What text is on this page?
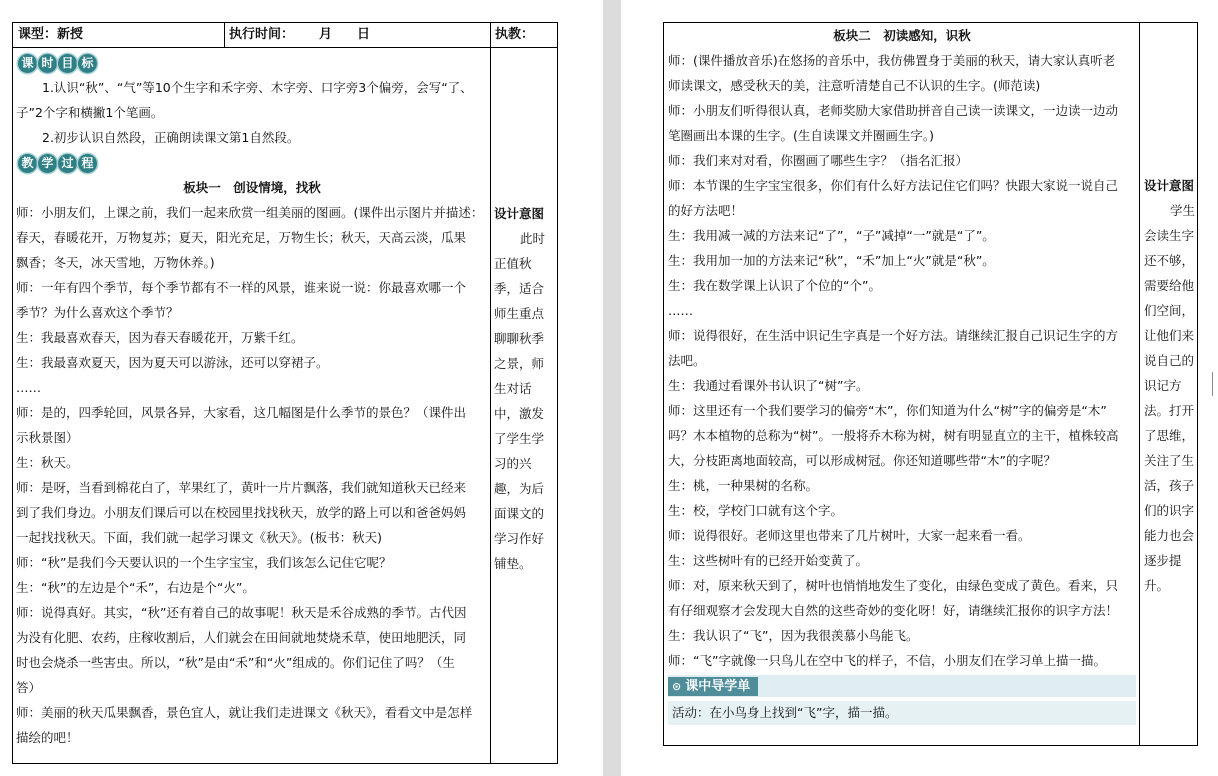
课型：新授	执行时间： 月 日	执教：
课 时 目 标
1.认识“秋”、“气”等10个生字和禾字旁、木字旁、口字旁3个偏旁，会写“了、
子”2个字和横撇1个笔画。
2.初步认识自然段，正确朗读课文第1自然段。
教 学 过 程
板块一　创设情境，找秋
师：小朋友们，上课之前，我们一起来欣赏一组美丽的图画。(课件出示图片并描述：
春天，春暖花开，万物复苏；夏天，阳光充足，万物生长；秋天，天高云淡，瓜果
飘香；冬天，冰天雪地，万物休养。)
师：一年有四个季节，每个季节都有不一样的风景，谁来说一说：你最喜欢哪一个
季节？为什么喜欢这个季节？
生：我最喜欢春天，因为春天春暖花开，万紫千红。
生：我最喜欢夏天，因为夏天可以游泳，还可以穿裙子。
……
师：是的，四季轮回，风景各异，大家看，这几幅图是什么季节的景色？（课件出
示秋景图）
生：秋天。
师：是呀，当看到棉花白了，苹果红了，黄叶一片片飘落，我们就知道秋天已经来
到了我们身边。小朋友们课后可以在校园里找找秋天，放学的路上可以和爸爸妈妈
一起找找秋天。下面，我们就一起学习课文《秋天》。(板书：秋天)
师：“秋”是我们今天要认识的一个生字宝宝，我们该怎么记住它呢？
生：“秋”的左边是个“禾”，右边是个“火”。
师：说得真好。其实，“秋”还有着自己的故事呢！秋天是禾谷成熟的季节。古代因
为没有化肥、农药，庄稼收割后，人们就会在田间就地焚烧禾草，使田地肥沃，同
时也会烧杀一些害虫。所以，“秋”是由“禾”和“火”组成的。你们记住了吗？（生
答）
师：美丽的秋天瓜果飘香，景色宜人，就让我们走进课文《秋天》，看看文中是怎样
描绘的吧！
设计意图
此时
正值秋
季，适合
师生重点
聊聊秋季
之景，师
生对话
中，激发
了学生学
习的兴
趣，为后
面课文的
学习作好
铺垫。
板块二　初读感知，识秋
师：(课件播放音乐)在悠扬的音乐中，我仿佛置身于美丽的秋天，请大家认真听老
师读课文，感受秋天的美，注意听清楚自己不认识的生字。(师范读)
师：小朋友们听得很认真，老师奖励大家借助拼音自己读一读课文，一边读一边动
笔圈画出本课的生字。(生自读课文并圈画生字。)
师：我们来对对看，你圈画了哪些生字？（指名汇报）
师：本节课的生字宝宝很多，你们有什么好方法记住它们吗？快跟大家说一说自己
的好方法吧！
生：我用减一减的方法来记“了”，“子”减掉“一”就是“了”。
生：我用加一加的方法来记“秋”，“禾”加上“火”就是“秋”。
生：我在数学课上认识了个位的“个”。
……
师：说得很好，在生活中识记生字真是一个好方法。请继续汇报自己识记生字的方
法吧。
生：我通过看课外书认识了“树”字。
师：这里还有一个我们要学习的偏旁“木”，你们知道为什么“树”字的偏旁是“木”
吗？木本植物的总称为“树”。一般将乔木称为树，树有明显直立的主干，植株较高
大，分枝距离地面较高，可以形成树冠。你还知道哪些带“木”的字呢？
生：桃，一种果树的名称。
生：校，学校门口就有这个字。
师：说得很好。老师这里也带来了几片树叶，大家一起来看一看。
生：这些树叶有的已经开始变黄了。
师：对，原来秋天到了，树叶也悄悄地发生了变化，由绿色变成了黄色。看来，只
有仔细观察才会发现大自然的这些奇妙的变化呀！好，请继续汇报你的识字方法！
生：我认识了“飞”，因为我很羡慕小鸟能飞。
师：“飞”字就像一只鸟儿在空中飞的样子，不信，小朋友们在学习单上描一描。
⊙ 课中导学单
活动：在小鸟身上找到“飞”字，描一描。
设计意图
学生
会读生字
还不够，
需要给他
们空间，
让他们来
说自己的
识记方
法。打开
了思维，
关注了生
活，孩子
们的识字
能力也会
逐步提
升。
